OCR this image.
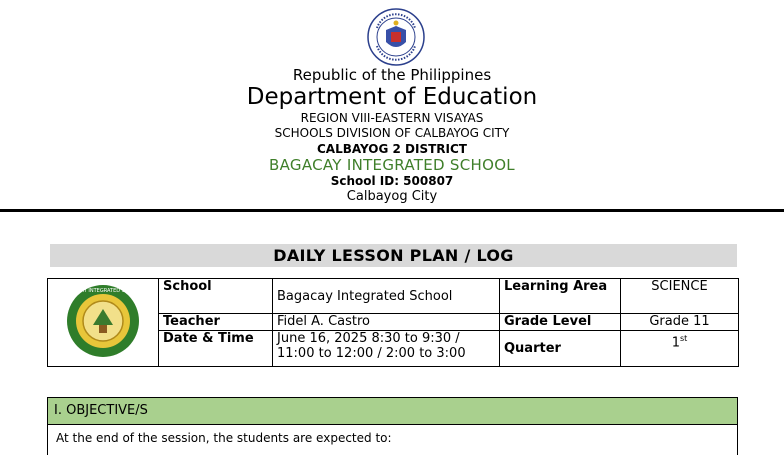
Republic of the Philippines
Department of Education
REGION VIII-EASTERN VISAYAS
SCHOOLS DIVISION OF CALBAYOG CITY
CALBAYOG 2 DISTRICT
BAGACAY INTEGRATED SCHOOL
School ID: 500807
Calbayog City
DAILY LESSON PLAN / LOG
BAGACAY INTEGRATED SCHOOL	School	Bagacay Integrated School	Learning Area	SCIENCE
	Teacher	Fidel A. Castro	Grade Level	Grade 11
	Date & Time	June 16, 2025 8:30 to 9:30 / 11:00 to 12:00 / 2:00 to 3:00	Quarter	1st
I. OBJECTIVE/S
At the end of the session, the students are expected to:
